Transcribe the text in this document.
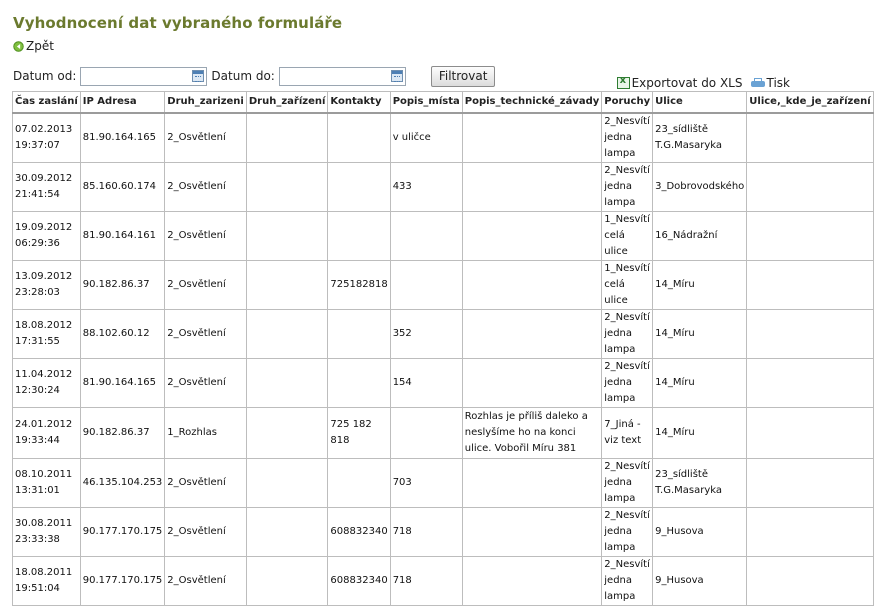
Vyhodnocení dat vybraného formuláře
Zpět
Datum od:	Datum do:	Filtrovat x	Exportovat do XLS Tisk
Čas zaslání	IP Adresa	Druh_zarizeni	Druh_zařízení	Kontakty	Popis_místa	Popis_technické_závady	Poruchy	Ulice	Ulice,_kde_je_zařízení
07.02.2013 19:37:07	81.90.164.165	2_Osvětlení			v uličce		2_Nesvítí jedna lampa	23_sídliště T.G.Masaryka	
30.09.2012 21:41:54	85.160.60.174	2_Osvětlení			433		2_Nesvítí jedna lampa	3_Dobrovodského	
19.09.2012 06:29:36	81.90.164.161	2_Osvětlení					1_Nesvítí celá ulice	16_Nádražní	
13.09.2012 23:28:03	90.182.86.37	2_Osvětlení		725182818			1_Nesvítí celá ulice	14_Míru	
18.08.2012 17:31:55	88.102.60.12	2_Osvětlení			352		2_Nesvítí jedna lampa	14_Míru	
11.04.2012 12:30:24	81.90.164.165	2_Osvětlení			154		2_Nesvítí jedna lampa	14_Míru	
24.01.2012 19:33:44	90.182.86.37	1_Rozhlas		725 182 818		Rozhlas je příliš daleko a neslyšíme ho na konci ulice. Vobořil Míru 381	7_Jiná - viz text	14_Míru	
08.10.2011 13:31:01	46.135.104.253	2_Osvětlení			703		2_Nesvítí jedna lampa	23_sídliště T.G.Masaryka	
30.08.2011 23:33:38	90.177.170.175	2_Osvětlení		608832340	718		2_Nesvítí jedna lampa	9_Husova	
18.08.2011 19:51:04	90.177.170.175	2_Osvětlení		608832340	718		2_Nesvítí jedna lampa	9_Husova	
